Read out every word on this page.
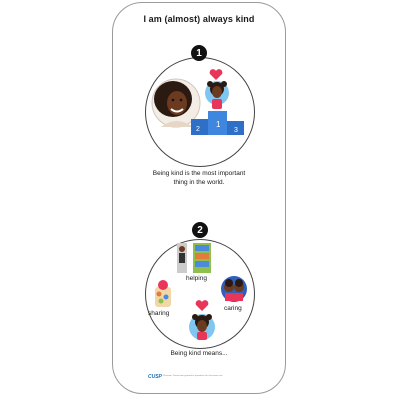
I am (almost) always kind
1
1
2	3
Being kind is the most important
thing in the world.
2
helping
caring
sharing
Being kind means...
CUSP © Plazoom. Permission granted to reproduce for classroom use.
